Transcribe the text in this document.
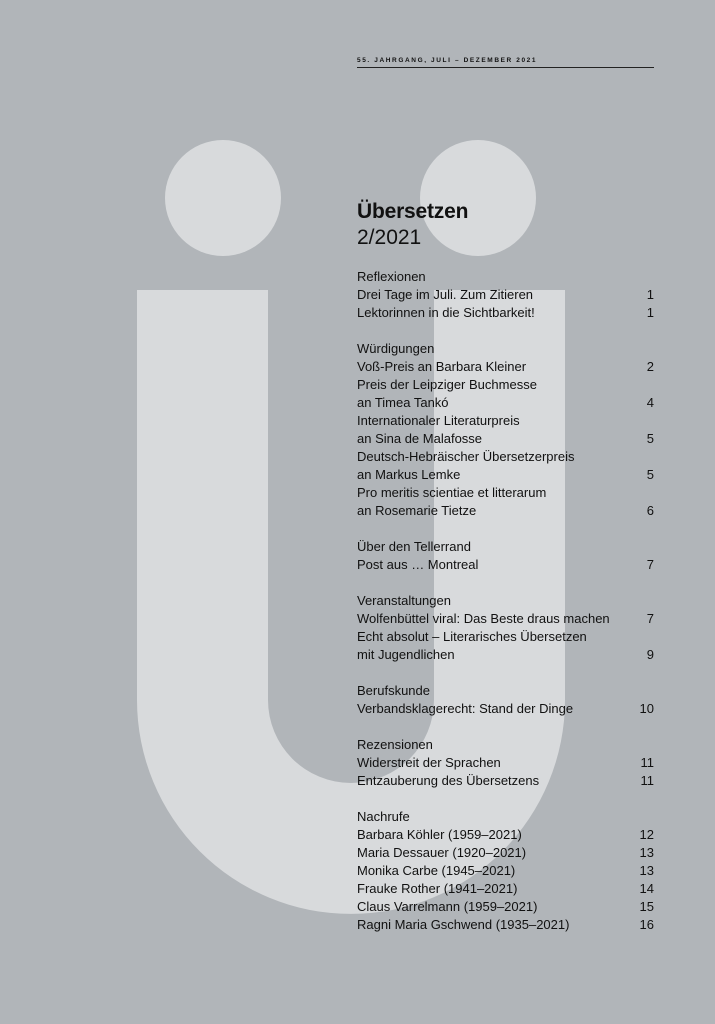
55. JAHRGANG, JULI – DEZEMBER 2021
Übersetzen
2/2021
Reflexionen
Drei Tage im Juli. Zum Zitieren	1
Lektorinnen in die Sichtbarkeit!	1
Würdigungen
Voß-Preis an Barbara Kleiner	2
Preis der Leipziger Buchmesse
an Timea Tankó	4
Internationaler Literaturpreis
an Sina de Malafosse	5
Deutsch-Hebräischer Übersetzerpreis
an Markus Lemke	5
Pro meritis scientiae et litterarum
an Rosemarie Tietze	6
Über den Tellerrand
Post aus … Montreal	7
Veranstaltungen
Wolfenbüttel viral: Das Beste draus machen	7
Echt absolut – Literarisches Übersetzen
mit Jugendlichen	9
Berufskunde
Verbandsklagerecht: Stand der Dinge	10
Rezensionen
Widerstreit der Sprachen	11
Entzauberung des Übersetzens	11
Nachrufe
Barbara Köhler (1959–2021)	12
Maria Dessauer (1920–2021)	13
Monika Carbe (1945–2021)	13
Frauke Rother (1941–2021)	14
Claus Varrelmann (1959–2021)	15
Ragni Maria Gschwend (1935–2021)	16
